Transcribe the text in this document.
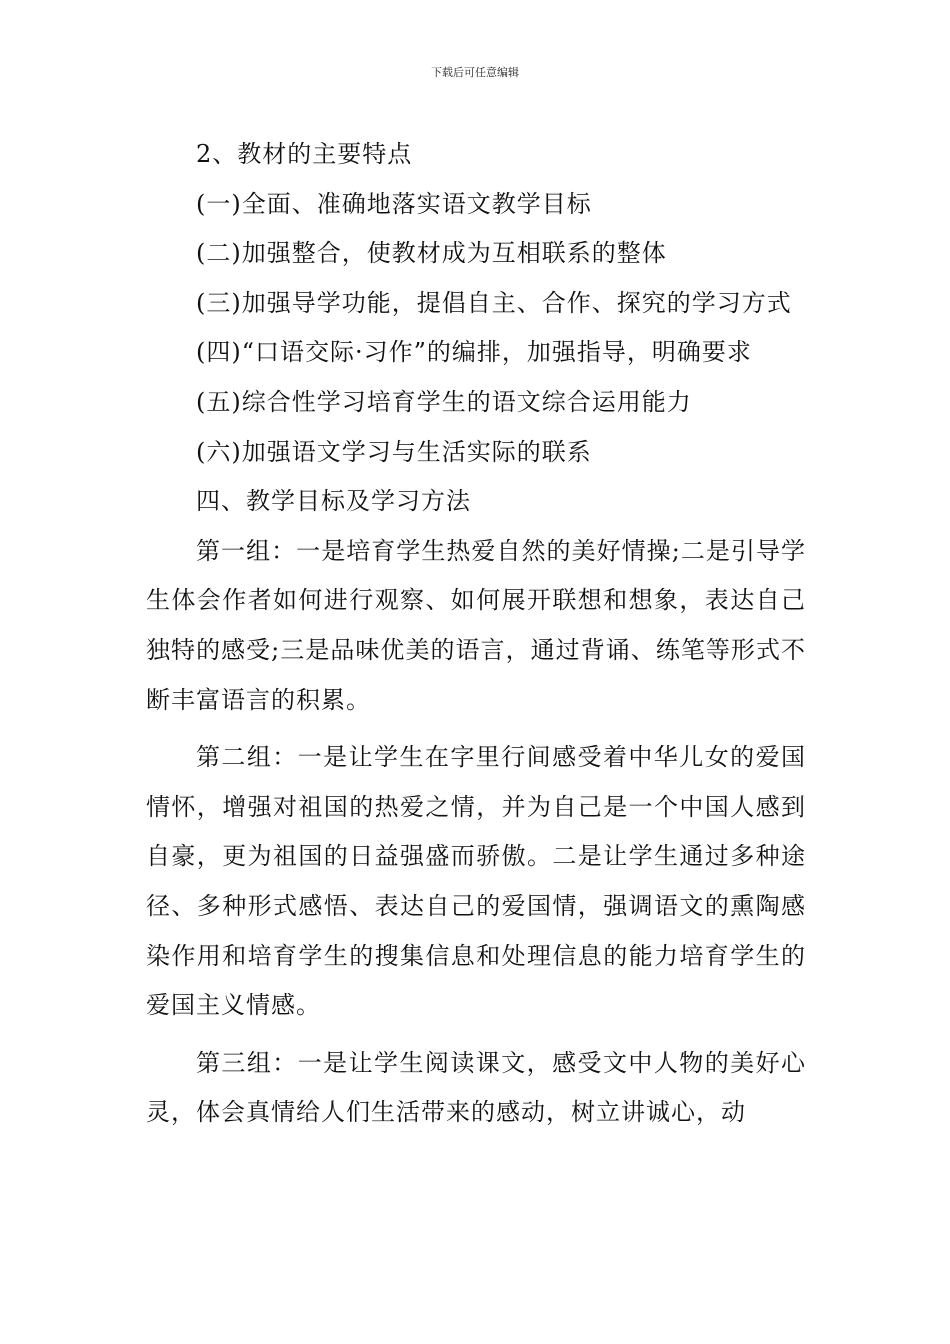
下载后可任意编辑

2、教材的主要特点

(一)全面、准确地落实语文教学目标

(二)加强整合，使教材成为互相联系的整体

(三)加强导学功能，提倡自主、合作、探究的学习方式

(四)“口语交际·习作”的编排，加强指导，明确要求

(五)综合性学习培育学生的语文综合运用能力

(六)加强语文学习与生活实际的联系

四、教学目标及学习方法

第一组：一是培育学生热爱自然的美好情操;二是引导学生体会作者如何进行观察、如何展开联想和想象，表达自己独特的感受;三是品味优美的语言，通过背诵、练笔等形式不断丰富语言的积累。

第二组：一是让学生在字里行间感受着中华儿女的爱国情怀，增强对祖国的热爱之情，并为自己是一个中国人感到自豪，更为祖国的日益强盛而骄傲。二是让学生通过多种途径、多种形式感悟、表达自己的爱国情，强调语文的熏陶感染作用和培育学生的搜集信息和处理信息的能力培育学生的爱国主义情感。

第三组：一是让学生阅读课文，感受文中人物的美好心灵，体会真情给人们生活带来的感动，树立讲诚心，动
